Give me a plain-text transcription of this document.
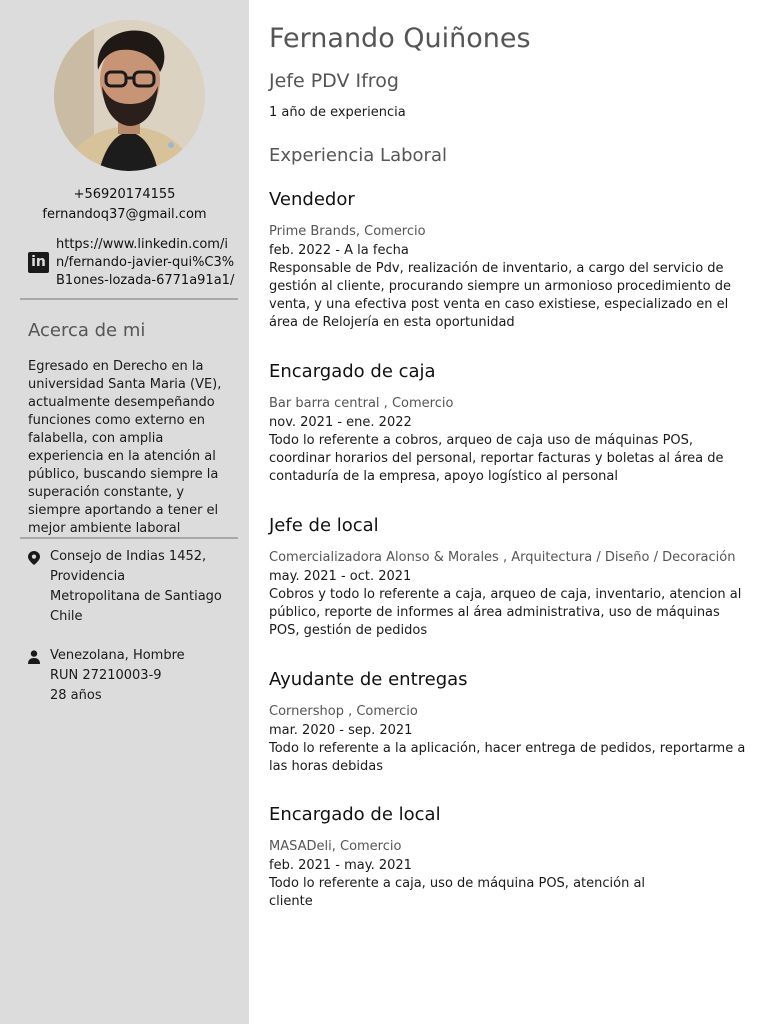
+56920174155
fernandoq37@gmail.com
in
https://www.linkedin.com/in/fernando-javier-qui%C3%B1ones-lozada-6771a91a1/
Acerca de mi
Egresado en Derecho en la universidad Santa Maria (VE), actualmente desempeñando funciones como externo en falabella, con amplia experiencia en la atención al público, buscando siempre la superación constante, y siempre aportando a tener el mejor ambiente laboral
Consejo de Indias 1452,
Providencia
Metropolitana de Santiago
Chile
Venezolana, Hombre
RUN 27210003-9
28 años
Fernando Quiñones
Jefe PDV Ifrog
1 año de experiencia
Experiencia Laboral
Vendedor
Prime Brands, Comercio
feb. 2022 - A la fecha
Responsable de Pdv, realización de inventario, a cargo del servicio de gestión al cliente, procurando siempre un armonioso procedimiento de venta, y una efectiva post venta en caso existiese, especializado en el área de Relojería en esta oportunidad
Encargado de caja
Bar barra central , Comercio
nov. 2021 - ene. 2022
Todo lo referente a cobros, arqueo de caja uso de máquinas POS, coordinar horarios del personal, reportar facturas y boletas al área de contaduría de la empresa, apoyo logístico al personal
Jefe de local
Comercializadora Alonso & Morales , Arquitectura / Diseño / Decoración
may. 2021 - oct. 2021
Cobros y todo lo referente a caja, arqueo de caja, inventario, atencion al público, reporte de informes al área administrativa, uso de máquinas POS, gestión de pedidos
Ayudante de entregas
Cornershop , Comercio
mar. 2020 - sep. 2021
Todo lo referente a la aplicación, hacer entrega de pedidos, reportarme a las horas debidas
Encargado de local
MASADeli, Comercio
feb. 2021 - may. 2021
Todo lo referente a caja, uso de máquina POS, atención al cliente
